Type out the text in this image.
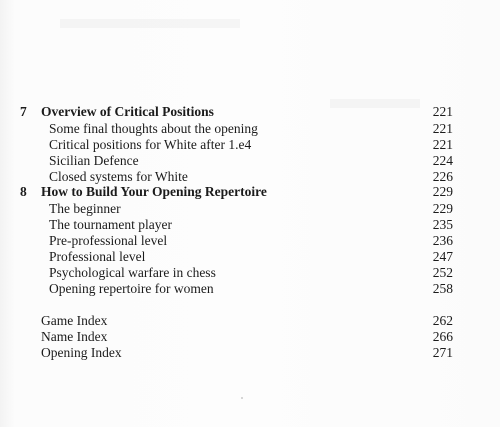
▬▬▬▬▬▬
▬▬▬
7 Overview of Critical Positions	221
Some final thoughts about the opening	221
Critical positions for White after 1.e4	221
Sicilian Defence	224
Closed systems for White	226
8 How to Build Your Opening Repertoire	229
The beginner	229
The tournament player	235
Pre-professional level	236
Professional level	247
Psychological warfare in chess	252
Opening repertoire for women	258
Game Index	262
Name Index	266
Opening Index	271
